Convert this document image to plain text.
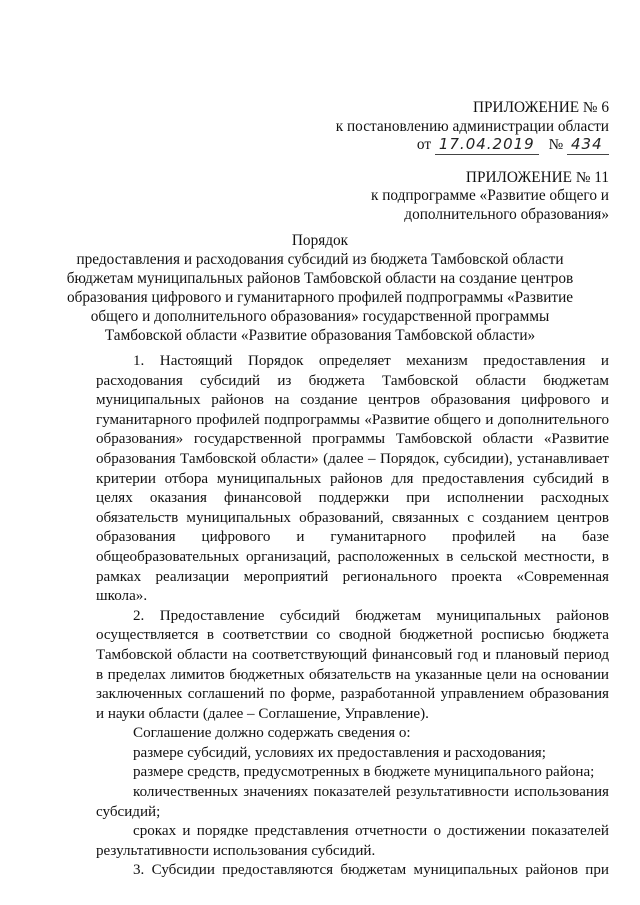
ПРИЛОЖЕНИЕ № 6
к постановлению администрации области
от 17.04.2019 № 434
ПРИЛОЖЕНИЕ № 11
к подпрограмме «Развитие общего и
дополнительного образования»
Порядок
предоставления и расходования субсидий из бюджета Тамбовской области
бюджетам муниципальных районов Тамбовской области на создание центров
образования цифрового и гуманитарного профилей подпрограммы «Развитие
общего и дополнительного образования» государственной программы
Тамбовской области «Развитие образования Тамбовской области»

1. Настоящий Порядок определяет механизм предоставления и расходования субсидий из бюджета Тамбовской области бюджетам муниципальных районов на создание центров образования цифрового и гуманитарного профилей подпрограммы «Развитие общего и дополнительного образования» государственной программы Тамбовской области «Развитие образования Тамбовской области» (далее – Порядок, субсидии), устанавливает критерии отбора муниципальных районов для предоставления субсидий в целях оказания финансовой поддержки при исполнении расходных обязательств муниципальных образований, связанных с созданием центров образования цифрового и гуманитарного профилей на базе общеобразовательных организаций, расположенных в сельской местности, в рамках реализации мероприятий регионального проекта «Современная школа».

2. Предоставление субсидий бюджетам муниципальных районов осуществляется в соответствии со сводной бюджетной росписью бюджета Тамбовской области на соответствующий финансовый год и плановый период в пределах лимитов бюджетных обязательств на указанные цели на основании заключенных соглашений по форме, разработанной управлением образования и науки области (далее – Соглашение, Управление).

Соглашение должно содержать сведения о:

размере субсидий, условиях их предоставления и расходования;

размере средств, предусмотренных в бюджете муниципального района;

количественных значениях показателей результативности использования субсидий;

сроках и порядке представления отчетности о достижении показателей результативности использования субсидий.

3. Субсидии предоставляются бюджетам муниципальных районов при
